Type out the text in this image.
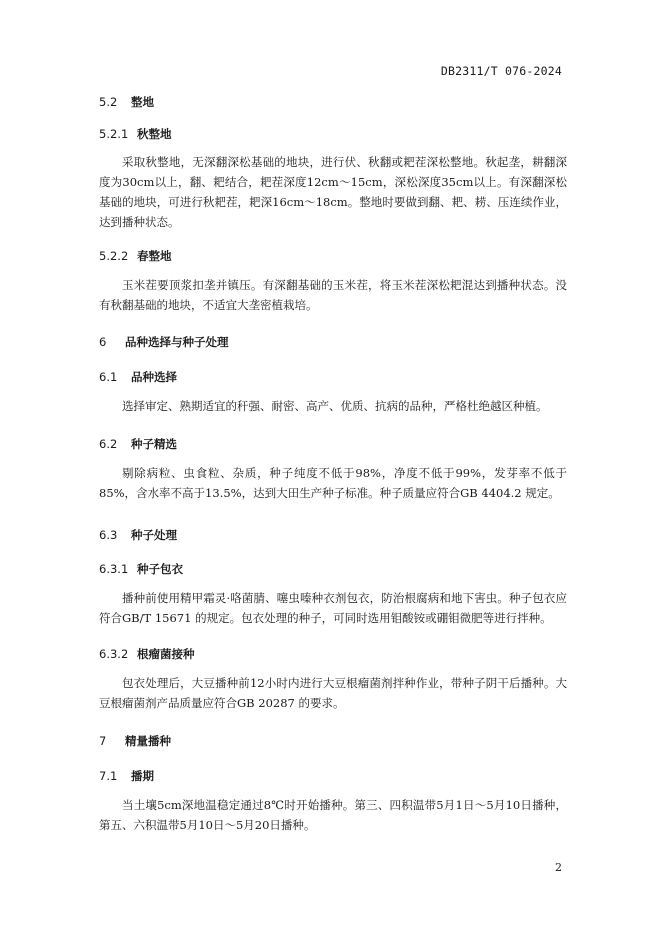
DB2311/T 076-2024
5.2 整地
5.2.1 秋整地
采取秋整地，无深翻深松基础的地块，进行伏、秋翻或耙茬深松整地。秋起垄，耕翻深度为30cm以上，翻、耙结合，耙茬深度12cm～15cm，深松深度35cm以上。有深翻深松基础的地块，可进行秋耙茬，耙深16cm～18cm。整地时要做到翻、耙、耢、压连续作业，达到播种状态。
5.2.2 春整地
玉米茬要顶浆扣垄并镇压。有深翻基础的玉米茬，将玉米茬深松耙混达到播种状态。没有秋翻基础的地块，不适宜大垄密植栽培。
6 品种选择与种子处理
6.1 品种选择
选择审定、熟期适宜的秆强、耐密、高产、优质、抗病的品种，严格杜绝越区种植。
6.2 种子精选
剔除病粒、虫食粒、杂质，种子纯度不低于98%，净度不低于99%，发芽率不低于85%，含水率不高于13.5%，达到大田生产种子标准。种子质量应符合GB 4404.2 规定。
6.3 种子处理
6.3.1 种子包衣
播种前使用精甲霜灵·咯菌腈、噻虫嗪种衣剂包衣，防治根腐病和地下害虫。种子包衣应符合GB/T 15671 的规定。包衣处理的种子，可同时选用钼酸铵或硼钼微肥等进行拌种。
6.3.2 根瘤菌接种
包衣处理后，大豆播种前12小时内进行大豆根瘤菌剂拌种作业，带种子阴干后播种。大豆根瘤菌剂产品质量应符合GB 20287 的要求。
7 精量播种
7.1 播期
当土壤5cm深地温稳定通过8℃时开始播种。第三、四积温带5月1日～5月10日播种，第五、六积温带5月10日～5月20日播种。
2
